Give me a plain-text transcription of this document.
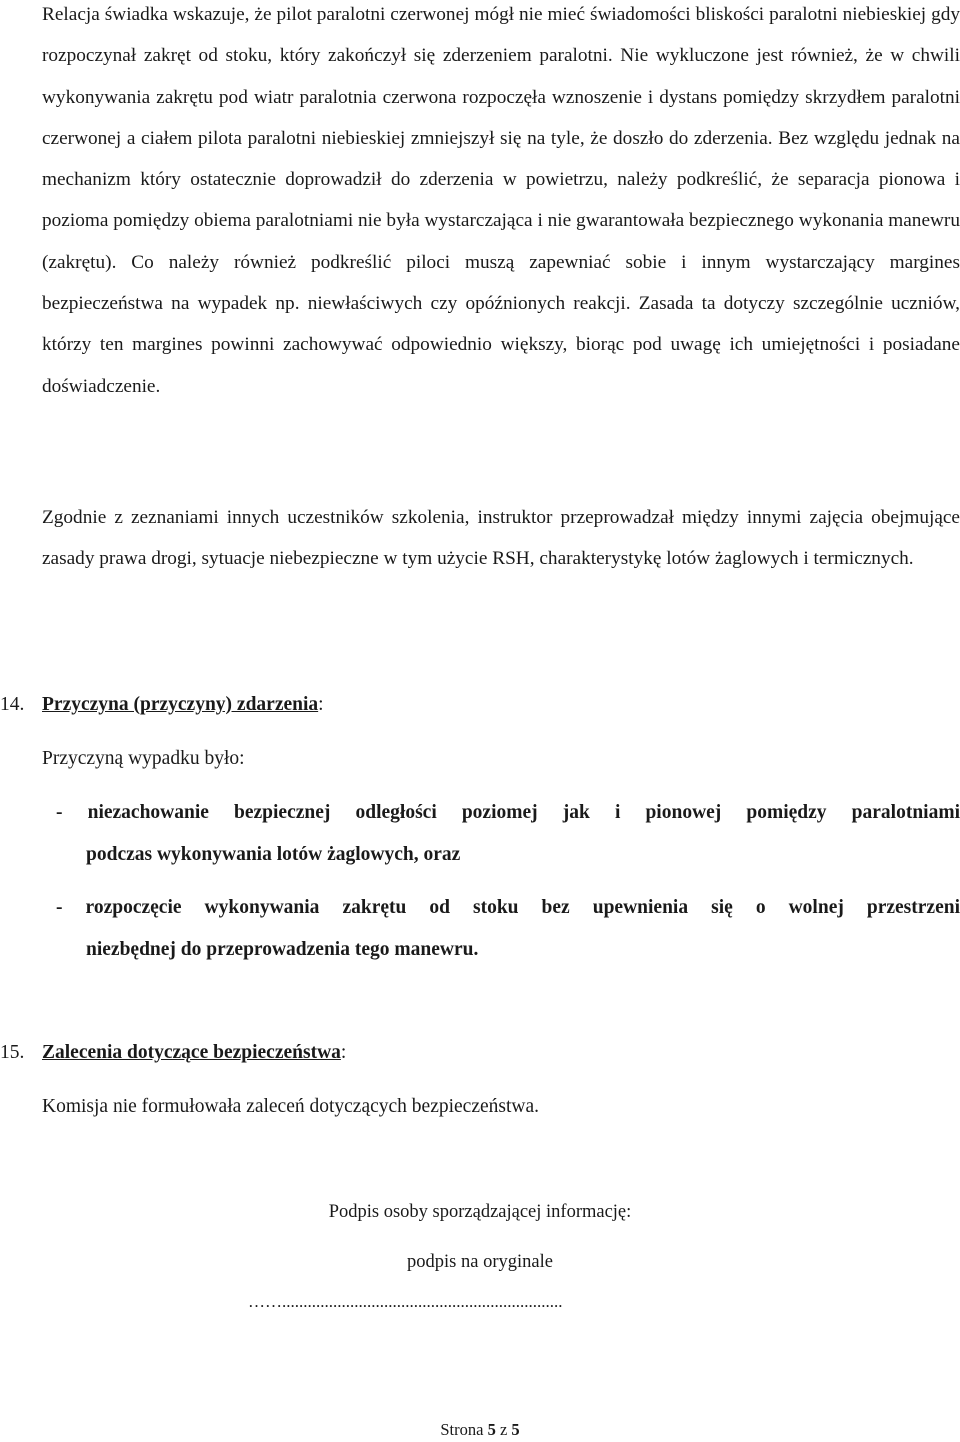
Relacja świadka wskazuje, że pilot paralotni czerwonej mógł nie mieć świadomości bliskości paralotni niebieskiej gdy rozpoczynał zakręt od stoku, który zakończył się zderzeniem paralotni. Nie wykluczone jest również, że w chwili wykonywania zakrętu pod wiatr paralotnia czerwona rozpoczęła wznoszenie i dystans pomiędzy skrzydłem paralotni czerwonej a ciałem pilota paralotni niebieskiej zmniejszył się na tyle, że doszło do zderzenia. Bez względu jednak na mechanizm który ostatecznie doprowadził do zderzenia w powietrzu, należy podkreślić, że separacja pionowa i pozioma pomiędzy obiema paralotniami nie była wystarczająca i nie gwarantowała bezpiecznego wykonania manewru (zakrętu). Co należy również podkreślić piloci muszą zapewniać sobie i innym wystarczający margines bezpieczeństwa na wypadek np. niewłaściwych czy opóźnionych reakcji. Zasada ta dotyczy szczególnie uczniów, którzy ten margines powinni zachowywać odpowiednio większy, biorąc pod uwagę ich umiejętności i posiadane doświadczenie.

Zgodnie z zeznaniami innych uczestników szkolenia, instruktor przeprowadzał między innymi zajęcia obejmujące zasady prawa drogi, sytuacje niebezpieczne w tym użycie RSH, charakterystykę lotów żaglowych i termicznych.

14. Przyczyna (przyczyny) zdarzenia:
Przyczyną wypadku było:
- niezachowanie bezpiecznej odległości poziomej jak i pionowej pomiędzy paralotniami
podczas wykonywania lotów żaglowych, oraz
- rozpoczęcie wykonywania zakrętu od stoku bez upewnienia się o wolnej przestrzeni
niezbędnej do przeprowadzenia tego manewru.
15. Zalecenia dotyczące bezpieczeństwa:
Komisja nie formułowała zaleceń dotyczących bezpieczeństwa.
Podpis osoby sporządzającej informację:
podpis na oryginale
……..................................................................
Strona 5 z 5
